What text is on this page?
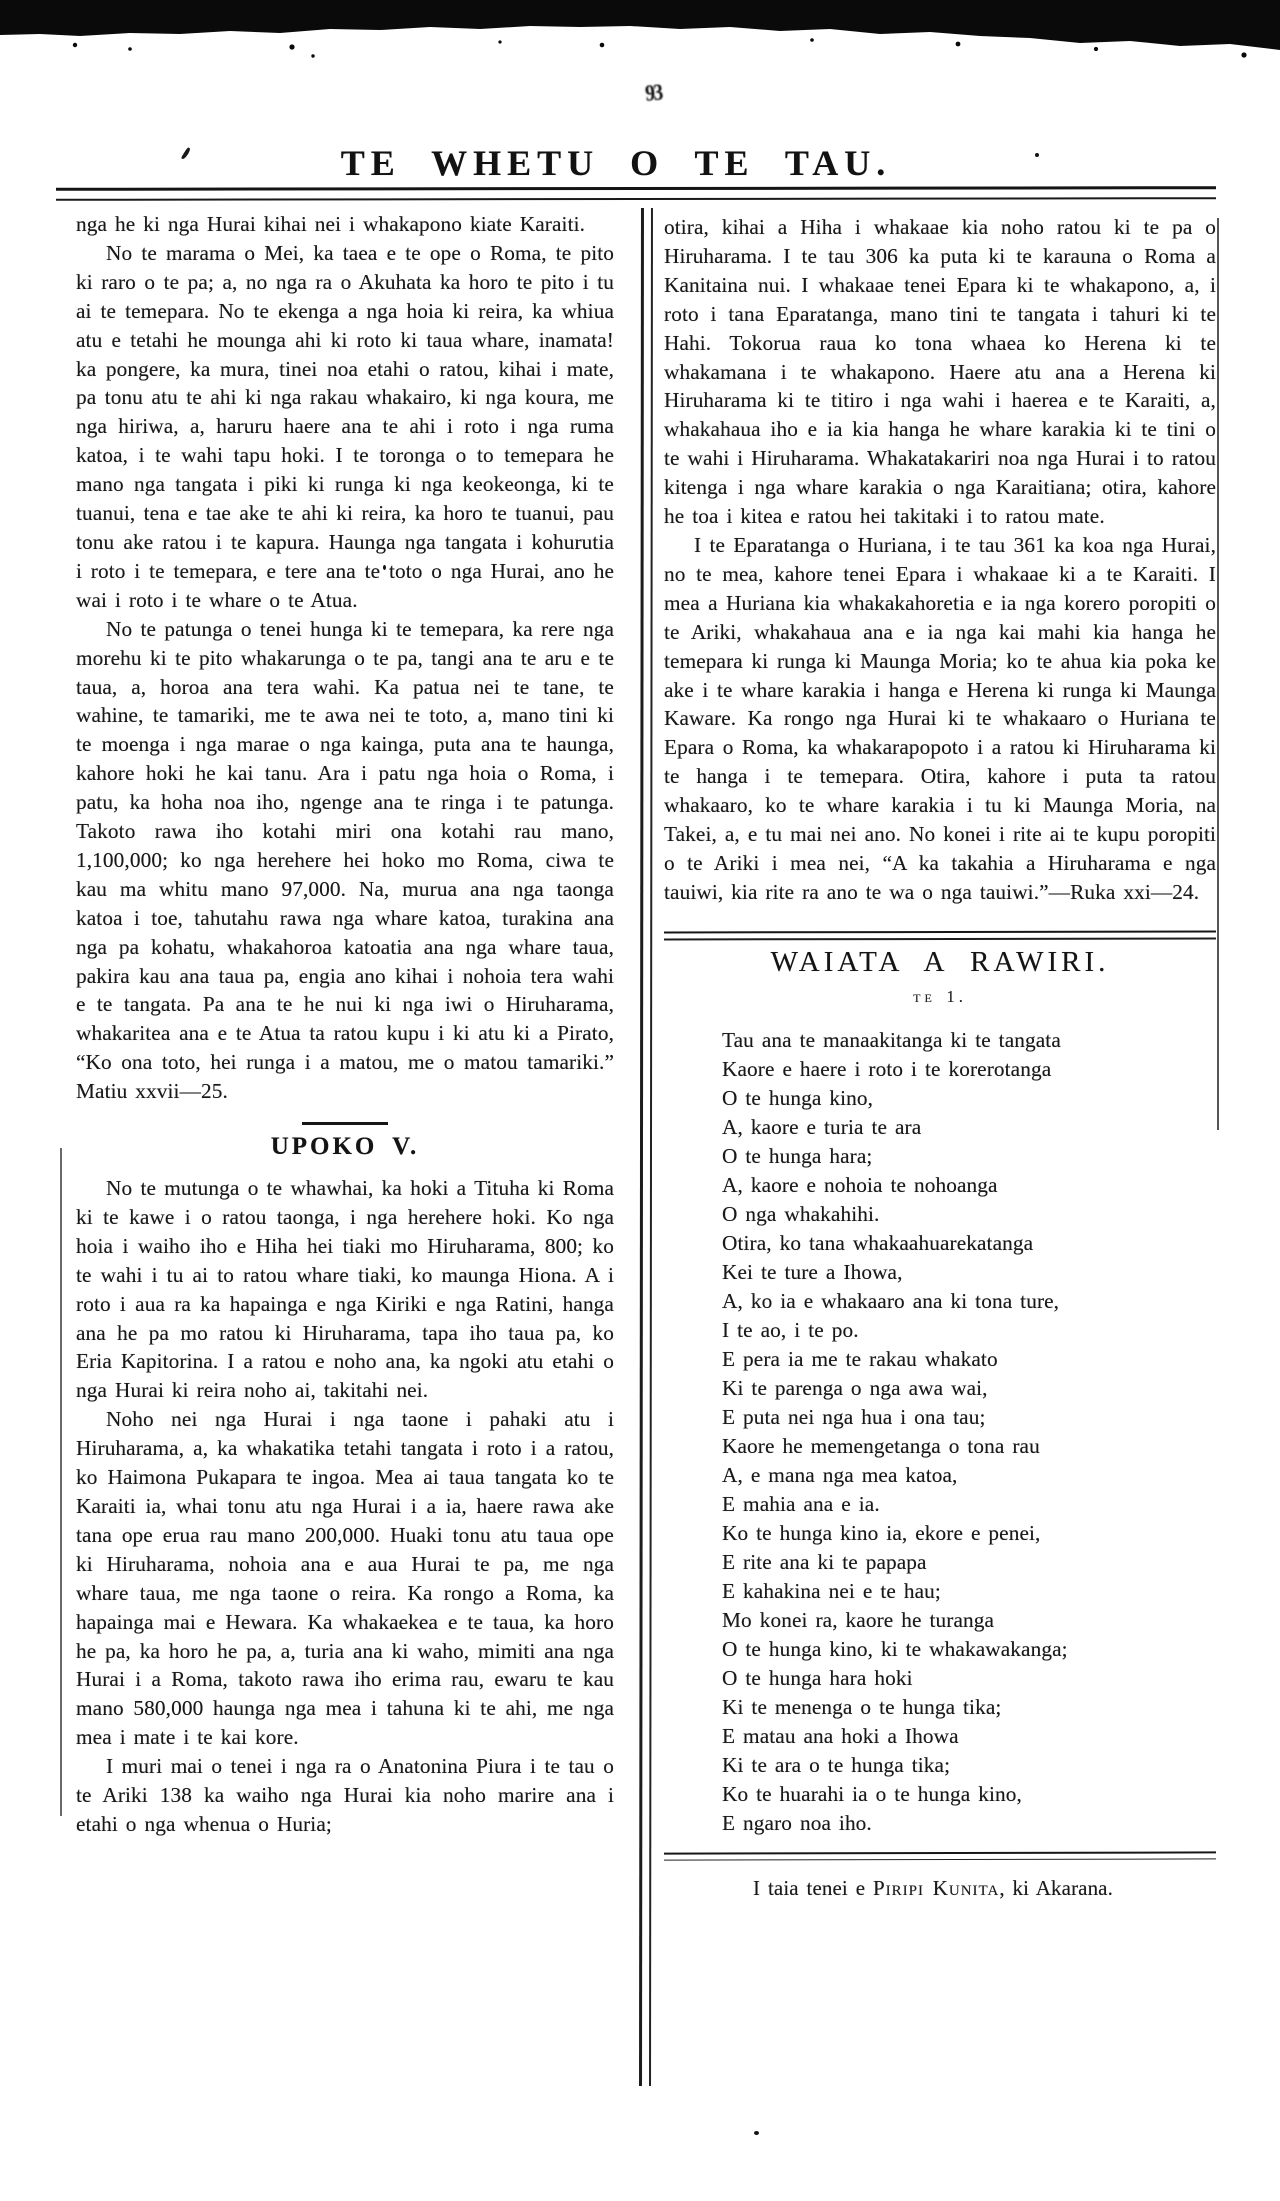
93
TE WHETU O TE TAU.

nga he ki nga Hurai kihai nei i whakapono kiate Karaiti.

No te marama o Mei, ka taea e te ope o Roma, te pito ki raro o te pa; a, no nga ra o Akuhata ka horo te pito i tu ai te temepara. No te ekenga a nga hoia ki reira, ka whiua atu e tetahi he mounga ahi ki roto ki taua whare, inamata! ka pongere, ka mura, tinei noa etahi o ratou, kihai i mate, pa tonu atu te ahi ki nga rakau whakairo, ki nga koura, me nga hiriwa, a, haruru haere ana te ahi i roto i nga ruma katoa, i te wahi tapu hoki. I te toronga o to temepara he mano nga tangata i piki ki runga ki nga keokeonga, ki te tuanui, tena e tae ake te ahi ki reira, ka horo te tuanui, pau tonu ake ratou i te kapura. Haunga nga tangata i kohurutia i roto i te temepara, e tere ana te toto o nga Hurai, ano he wai i roto i te whare o te Atua.

No te patunga o tenei hunga ki te temepara, ka rere nga morehu ki te pito whakarunga o te pa, tangi ana te aru e te taua, a, horoa ana tera wahi. Ka patua nei te tane, te wahine, te tamariki, me te awa nei te toto, a, mano tini ki te moenga i nga marae o nga kainga, puta ana te haunga, kahore hoki he kai tanu. Ara i patu nga hoia o Roma, i patu, ka hoha noa iho, ngenge ana te ringa i te patunga. Takoto rawa iho kotahi miri ona kotahi rau mano, 1,100,000; ko nga herehere hei hoko mo Roma, ciwa te kau ma whitu mano 97,000. Na, murua ana nga taonga katoa i toe, tahutahu rawa nga whare katoa, turakina ana nga pa kohatu, whakahoroa katoatia ana nga whare taua, pakira kau ana taua pa, engia ano kihai i nohoia tera wahi e te tangata. Pa ana te he nui ki nga iwi o Hiruharama, whakaritea ana e te Atua ta ratou kupu i ki atu ki a Pirato, “Ko ona toto, hei runga i a matou, me o matou tamariki.” Matiu xxvii—25.

UPOKO V.

No te mutunga o te whawhai, ka hoki a Tituha ki Roma ki te kawe i o ratou taonga, i nga herehere hoki. Ko nga hoia i waiho iho e Hiha hei tiaki mo Hiruharama, 800; ko te wahi i tu ai to ratou whare tiaki, ko maunga Hiona. A i roto i aua ra ka hapainga e nga Kiriki e nga Ratini, hanga ana he pa mo ratou ki Hiruharama, tapa iho taua pa, ko Eria Kapitorina. I a ratou e noho ana, ka ngoki atu etahi o nga Hurai ki reira noho ai, takitahi nei.

Noho nei nga Hurai i nga taone i pahaki atu i Hiruharama, a, ka whakatika tetahi tangata i roto i a ratou, ko Haimona Pukapara te ingoa. Mea ai taua tangata ko te Karaiti ia, whai tonu atu nga Hurai i a ia, haere rawa ake tana ope erua rau mano 200,000. Huaki tonu atu taua ope ki Hiruharama, nohoia ana e aua Hurai te pa, me nga whare taua, me nga taone o reira. Ka rongo a Roma, ka hapainga mai e Hewara. Ka whakaekea e te taua, ka horo he pa, ka horo he pa, a, turia ana ki waho, mimiti ana nga Hurai i a Roma, takoto rawa iho erima rau, ewaru te kau mano 580,000 haunga nga mea i tahuna ki te ahi, me nga mea i mate i te kai kore.

I muri mai o tenei i nga ra o Anatonina Piura i te tau o te Ariki 138 ka waiho nga Hurai kia noho marire ana i etahi o nga whenua o Huria;

otira, kihai a Hiha i whakaae kia noho ratou ki te pa o Hiruharama. I te tau 306 ka puta ki te karauna o Roma a Kanitaina nui. I whakaae tenei Epara ki te whakapono, a, i roto i tana Eparatanga, mano tini te tangata i tahuri ki te Hahi. Tokorua raua ko tona whaea ko Herena ki te whakamana i te whakapono. Haere atu ana a Herena ki Hiruharama ki te titiro i nga wahi i haerea e te Karaiti, a, whakahaua iho e ia kia hanga he whare karakia ki te tini o te wahi i Hiruharama. Whakatakariri noa nga Hurai i to ratou kitenga i nga whare karakia o nga Karaitiana; otira, kahore he toa i kitea e ratou hei takitaki i to ratou mate.

I te Eparatanga o Huriana, i te tau 361 ka koa nga Hurai, no te mea, kahore tenei Epara i whakaae ki a te Karaiti. I mea a Huriana kia whakakahoretia e ia nga korero poropiti o te Ariki, whakahaua ana e ia nga kai mahi kia hanga he temepara ki runga ki Maunga Moria; ko te ahua kia poka ke ake i te whare karakia i hanga e Herena ki runga ki Maunga Kaware. Ka rongo nga Hurai ki te whakaaro o Huriana te Epara o Roma, ka whakarapopoto i a ratou ki Hiruharama ki te hanga i te temepara. Otira, kahore i puta ta ratou whakaaro, ko te whare karakia i tu ki Maunga Moria, na Takei, a, e tu mai nei ano. No konei i rite ai te kupu poropiti o te Ariki i mea nei, “A ka takahia a Hiruharama e nga tauiwi, kia rite ra ano te wa o nga tauiwi.”—Ruka xxi—24.

WAIATA A RAWIRI.
te 1.
Tau ana te manaakitanga ki te tangata
Kaore e haere i roto i te korerotanga
O te hunga kino,
A, kaore e turia te ara
O te hunga hara;
A, kaore e nohoia te nohoanga
O nga whakahihi.
Otira, ko tana whakaahuarekatanga
Kei te ture a Ihowa,
A, ko ia e whakaaro ana ki tona ture,
I te ao, i te po.
E pera ia me te rakau whakato
Ki te parenga o nga awa wai,
E puta nei nga hua i ona tau;
Kaore he memengetanga o tona rau
A, e mana nga mea katoa,
E mahia ana e ia.
Ko te hunga kino ia, ekore e penei,
E rite ana ki te papapa
E kahakina nei e te hau;
Mo konei ra, kaore he turanga
O te hunga kino, ki te whakawakanga;
O te hunga hara hoki
Ki te menenga o te hunga tika;
E matau ana hoki a Ihowa
Ki te ara o te hunga tika;
Ko te huarahi ia o te hunga kino,
E ngaro noa iho.
I taia tenei e Piripi Kunita, ki Akarana.
